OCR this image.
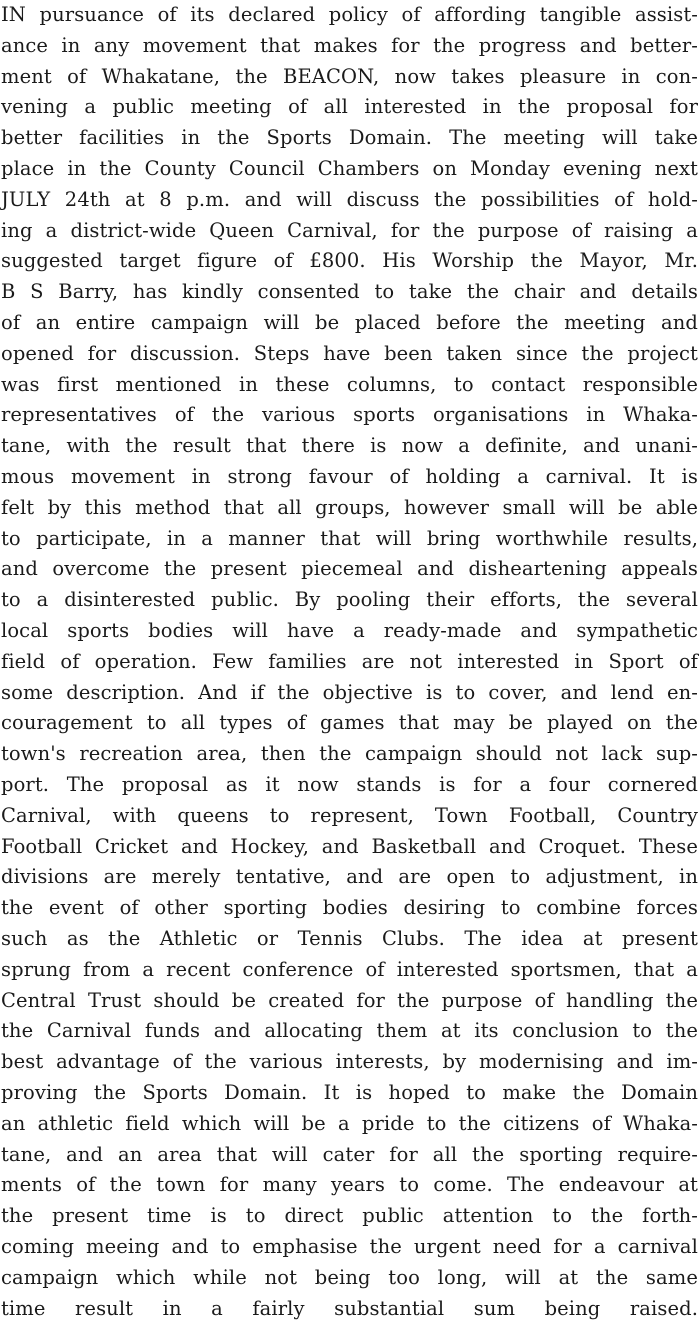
IN pursuance of its declared policy of affording tangible assist-
ance in any movement that makes for the progress and better-
ment of Whakatane, the BEACON, now takes pleasure in con-
vening a public meeting of all interested in the proposal for
better facilities in the Sports Domain. The meeting will take
place in the County Council Chambers on Monday evening next
JULY 24th at 8 p.m. and will discuss the possibilities of hold-
ing a district-wide Queen Carnival, for the purpose of raising a
suggested target figure of £800. His Worship the Mayor, Mr.
B S Barry, has kindly consented to take the chair and details
of an entire campaign will be placed before the meeting and
opened for discussion. Steps have been taken since the project
was first mentioned in these columns, to contact responsible
representatives of the various sports organisations in Whaka-
tane, with the result that there is now a definite, and unani-
mous movement in strong favour of holding a carnival. It is
felt by this method that all groups, however small will be able
to participate, in a manner that will bring worthwhile results,
and overcome the present piecemeal and disheartening appeals
to a disinterested public. By pooling their efforts, the several
local sports bodies will have a ready-made and sympathetic
field of operation. Few families are not interested in Sport of
some description. And if the objective is to cover, and lend en-
couragement to all types of games that may be played on the
town's recreation area, then the campaign should not lack sup-
port. The proposal as it now stands is for a four cornered
Carnival, with queens to represent, Town Football, Country
Football Cricket and Hockey, and Basketball and Croquet. These
divisions are merely tentative, and are open to adjustment, in
the event of other sporting bodies desiring to combine forces
such as the Athletic or Tennis Clubs. The idea at present
sprung from a recent conference of interested sportsmen, that a
Central Trust should be created for the purpose of handling the
the Carnival funds and allocating them at its conclusion to the
best advantage of the various interests, by modernising and im-
proving the Sports Domain. It is hoped to make the Domain
an athletic field which will be a pride to the citizens of Whaka-
tane, and an area that will cater for all the sporting require-
ments of the town for many years to come. The endeavour at
the present time is to direct public attention to the forth-
coming meeing and to emphasise the urgent need for a carnival
campaign which while not being too long, will at the same
time result in a fairly substantial sum being raised.
